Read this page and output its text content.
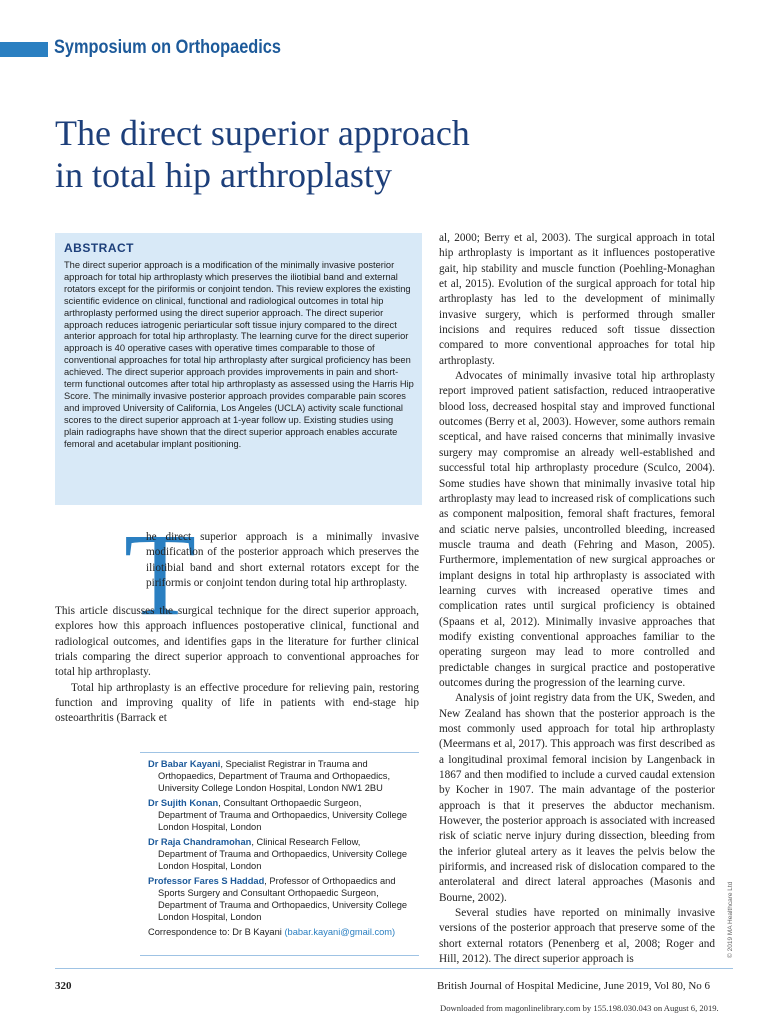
Symposium on Orthopaedics
The direct superior approach
in total hip arthroplasty
ABSTRACT

The direct superior approach is a modification of the minimally invasive posterior approach for total hip arthroplasty which preserves the iliotibial band and external rotators except for the piriformis or conjoint tendon. This review explores the existing scientific evidence on clinical, functional and radiological outcomes in total hip arthroplasty performed using the direct superior approach. The direct superior approach reduces iatrogenic periarticular soft tissue injury compared to the direct anterior approach for total hip arthroplasty. The learning curve for the direct superior approach is 40 operative cases with operative times comparable to those of conventional approaches for total hip arthroplasty after surgical proficiency has been achieved. The direct superior approach provides improvements in pain and short-term functional outcomes after total hip arthroplasty as assessed using the Harris Hip Score. The minimally invasive posterior approach provides comparable pain scores and improved University of California, Los Angeles (UCLA) activity scale functional scores to the direct superior approach at 1-year follow up. Existing studies using plain radiographs have shown that the direct superior approach enables accurate femoral and acetabular implant positioning.

T

he direct superior approach is a minimally invasive modification of the posterior approach which preserves the iliotibial band and short external rotators except for the piriformis or conjoint tendon during total hip arthroplasty.

This article discusses the surgical technique for the direct superior approach, explores how this approach influences postoperative clinical, functional and radiological outcomes, and identifies gaps in the literature for further clinical trials comparing the direct superior approach to conventional approaches for total hip arthroplasty.

Total hip arthroplasty is an effective procedure for relieving pain, restoring function and improving quality of life in patients with end-stage hip osteoarthritis (Barrack et

Dr Babar Kayani, Specialist Registrar in Trauma and Orthopaedics, Department of Trauma and Orthopaedics, University College London Hospital, London NW1 2BU

Dr Sujith Konan, Consultant Orthopaedic Surgeon, Department of Trauma and Orthopaedics, University College London Hospital, London

Dr Raja Chandramohan, Clinical Research Fellow, Department of Trauma and Orthopaedics, University College London Hospital, London

Professor Fares S Haddad, Professor of Orthopaedics and Sports Surgery and Consultant Orthopaedic Surgeon, Department of Trauma and Orthopaedics, University College London Hospital, London

Correspondence to: Dr B Kayani (babar.kayani@gmail.com)

al, 2000; Berry et al, 2003). The surgical approach in total hip arthroplasty is important as it influences postoperative gait, hip stability and muscle function (Poehling-Monaghan et al, 2015). Evolution of the surgical approach for total hip arthroplasty has led to the development of minimally invasive surgery, which is performed through smaller incisions and requires reduced soft tissue dissection compared to more conventional approaches for total hip arthroplasty.

Advocates of minimally invasive total hip arthroplasty report improved patient satisfaction, reduced intraoperative blood loss, decreased hospital stay and improved functional outcomes (Berry et al, 2003). However, some authors remain sceptical, and have raised concerns that minimally invasive surgery may compromise an already well-established and successful total hip arthroplasty procedure (Sculco, 2004). Some studies have shown that minimally invasive total hip arthroplasty may lead to increased risk of complications such as component malposition, femoral shaft fractures, femoral and sciatic nerve palsies, uncontrolled bleeding, increased muscle trauma and death (Fehring and Mason, 2005). Furthermore, implementation of new surgical approaches or implant designs in total hip arthroplasty is associated with learning curves with increased operative times and complication rates until surgical proficiency is obtained (Spaans et al, 2012). Minimally invasive approaches that modify existing conventional approaches familiar to the operating surgeon may lead to more controlled and predictable changes in surgical practice and postoperative outcomes during the progression of the learning curve.

Analysis of joint registry data from the UK, Sweden, and New Zealand has shown that the posterior approach is the most commonly used approach for total hip arthroplasty (Meermans et al, 2017). This approach was first described as a longitudinal proximal femoral incision by Langenback in 1867 and then modified to include a curved caudal extension by Kocher in 1907. The main advantage of the posterior approach is that it preserves the abductor mechanism. However, the posterior approach is associated with increased risk of sciatic nerve injury during dissection, bleeding from the inferior gluteal artery as it leaves the pelvis below the piriformis, and increased risk of dislocation compared to the anterolateral and direct lateral approaches (Masonis and Bourne, 2002).

Several studies have reported on minimally invasive versions of the posterior approach that preserve some of the short external rotators (Penenberg et al, 2008; Roger and Hill, 2012). The direct superior approach is

© 2019 MA Healthcare Ltd
320	British Journal of Hospital Medicine, June 2019, Vol 80, No 6
Downloaded from magonlinelibrary.com by 155.198.030.043 on August 6, 2019.
